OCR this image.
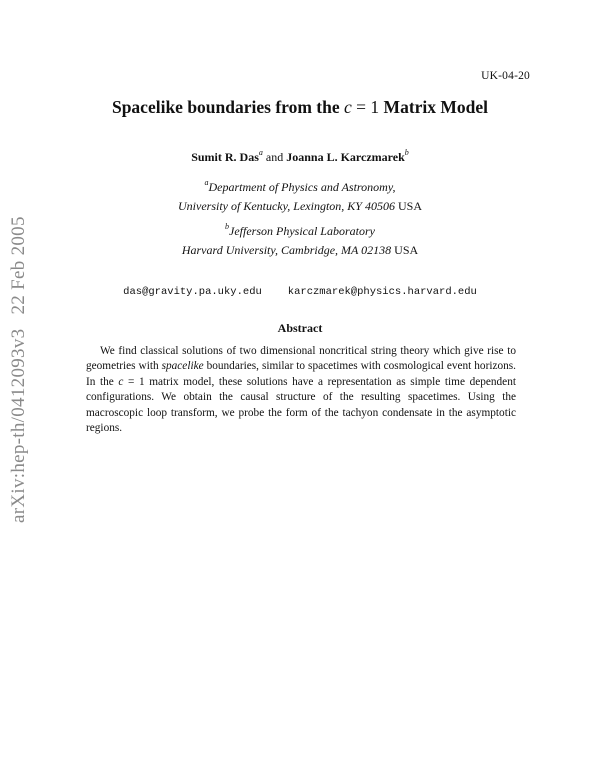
UK-04-20
Spacelike boundaries from the c = 1 Matrix Model
Sumit R. Das$^a$ and Joanna L. Karczmarek$^b$
$^a$Department of Physics and Astronomy,
University of Kentucky, Lexington, KY 40506 USA
$^b$Jefferson Physical Laboratory
Harvard University, Cambridge, MA 02138 USA
das@gravity.pa.uky.edu karczmarek@physics.harvard.edu
Abstract
We find classical solutions of two dimensional noncritical string theory which give rise to geometries with spacelike boundaries, similar to spacetimes with cosmological event horizons. In the c = 1 matrix model, these solutions have a representation as simple time dependent configurations. We obtain the causal structure of the resulting spacetimes. Using the macroscopic loop transform, we probe the form of the tachyon condensate in the asymptotic regions.
arXiv:hep-th/0412093v322 Feb 2005
